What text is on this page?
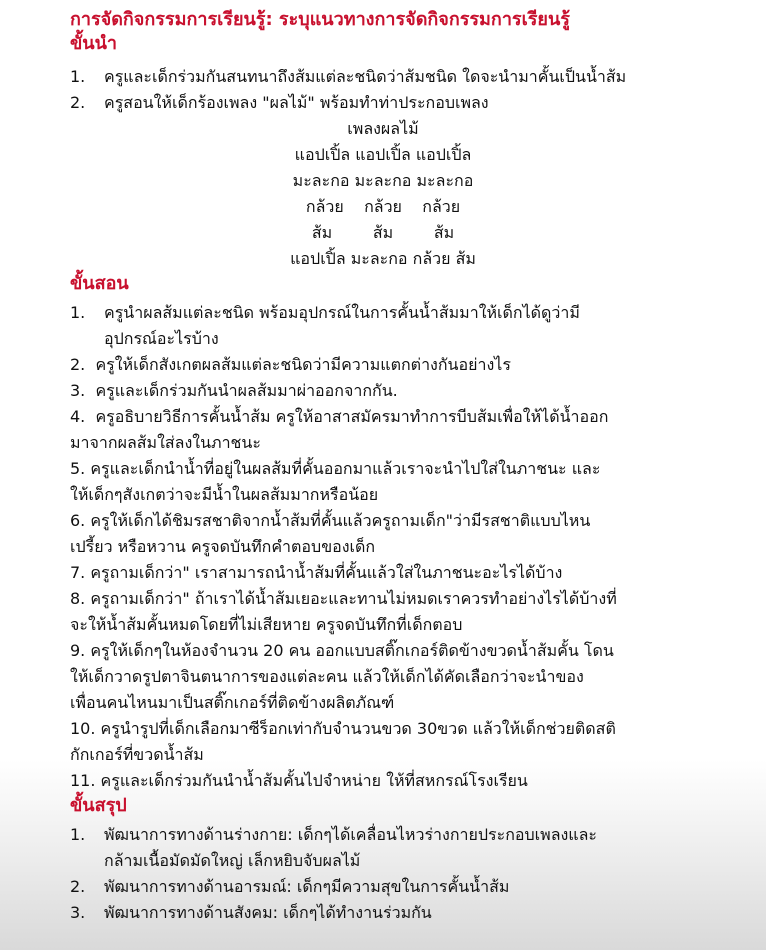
การจัดกิจกรรมการเรียนรู้: ระบุแนวทางการจัดกิจกรรมการเรียนรู้
ขั้นนำ
1. ครูและเด็กร่วมกันสนทนาถึงส้มแต่ละชนิดว่าส้มชนิด ใดจะนำมาคั้นเป็นน้ำส้ม

2. ครูสอนให้เด็กร้องเพลง "ผลไม้" พร้อมทำท่าประกอบเพลง

เพลงผลไม้
แอปเปิ้ล แอปเปิ้ล แอปเปิ้ล
มะละกอ มะละกอ มะละกอ
กล้วย    กล้วย    กล้วย
ส้ม        ส้ม        ส้ม
แอปเปิ้ล มะละกอ กล้วย ส้ม
ขั้นสอน
1. ครูนำผลส้มแต่ละชนิด พร้อมอุปกรณ์ในการคั้นน้ำส้มมาให้เด็กได้ดูว่ามี

อุปกรณ์อะไรบ้าง

2.  ครูให้เด็กสังเกตผลส้มแต่ละชนิดว่ามีความแตกต่างกันอย่างไร

3.  ครูและเด็กร่วมกันนำผลส้มมาผ่าออกจากกัน.

4.  ครูอธิบายวิธีการคั้นน้ำส้ม ครูให้อาสาสมัครมาทำการบีบส้มเพื่อให้ได้น้ำออก

มาจากผลส้มใส่ลงในภาชนะ

5. ครูและเด็กนำน้ำที่อยู่ในผลส้มที่คั้นออกมาแล้วเราจะนำไปใส่ในภาชนะ และ

ให้เด็กๆสังเกตว่าจะมีน้ำในผลส้มมากหรือน้อย

6. ครูให้เด็กได้ชิมรสชาติจากน้ำส้มที่คั้นแล้วครูถามเด็ก"ว่ามีรสชาติแบบไหน

เปรี้ยว หรือหวาน ครูจดบันทึกคำตอบของเด็ก

7. ครูถามเด็กว่า" เราสามารถนำน้ำส้มที่คั้นแล้วใส่ในภาชนะอะไรได้บ้าง

8. ครูถามเด็กว่า" ถ้าเราได้น้ำส้มเยอะและทานไม่หมดเราควรทำอย่างไรได้บ้างที่

จะให้น้ำส้มคั้นหมดโดยที่ไม่เสียหาย ครูจดบันทึกที่เด็กตอบ

9. ครูให้เด็กๆในห้องจำนวน 20 คน ออกแบบสติ๊กเกอร์ติดข้างขวดน้ำส้มคั้น โดน

ให้เด็กวาดรูปตาจินตนาการของแต่ละคน แล้วให้เด็กได้คัดเลือกว่าจะนำของ

เพื่อนคนไหนมาเป็นสติ๊กเกอร์ที่ติดข้างผลิตภัณฑ์

10. ครูนำรูปที่เด็กเลือกมาซีร็อกเท่ากับจำนวนขวด 30ขวด แล้วให้เด็กช่วยติดสติ

กักเกอร์ที่ขวดน้ำส้ม

11. ครูและเด็กร่วมกันนำน้ำส้มคั้นไปจำหน่าย ให้ที่สหกรณ์โรงเรียน

ขั้นสรุป
1. พัฒนาการทางด้านร่างกาย: เด็กๆได้เคลื่อนไหวร่างกายประกอบเพลงและ

กล้ามเนื้อมัดมัดใหญ่ เล็กหยิบจับผลไม้

2. พัฒนาการทางด้านอารมณ์: เด็กๆมีความสุขในการคั้นน้ำส้ม

3. พัฒนาการทางด้านสังคม: เด็กๆได้ทำงานร่วมกัน
